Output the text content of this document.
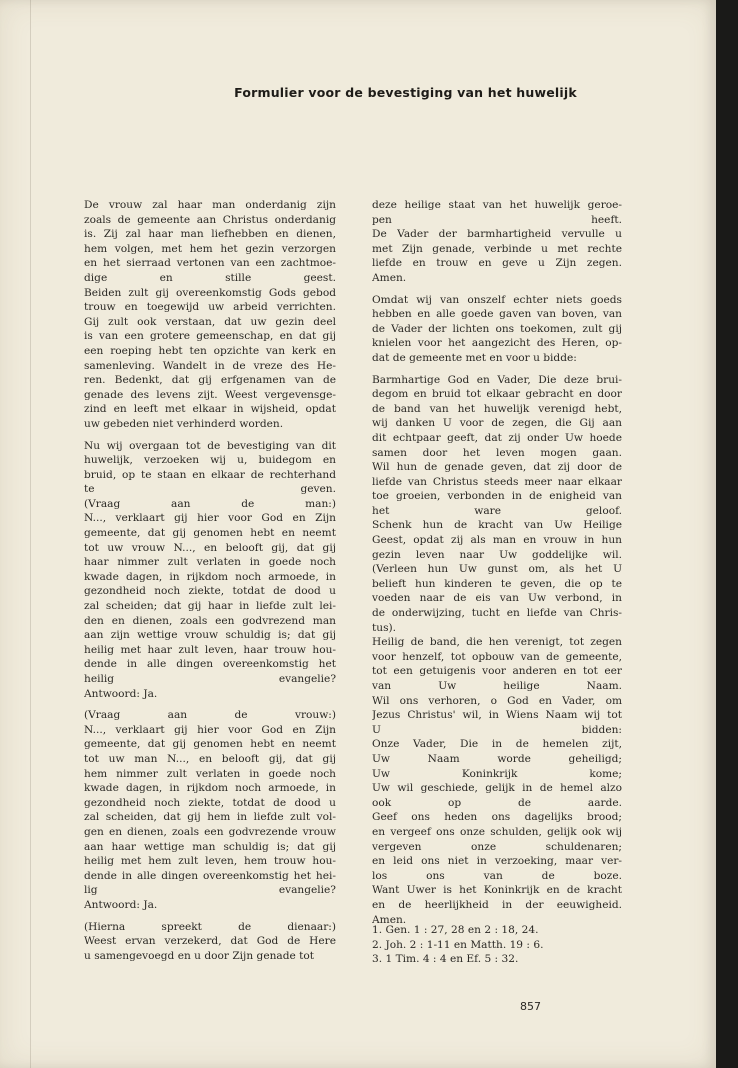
Formulier voor de bevestiging van het huwelijk
De vrouw zal haar man onderdanig zijn
zoals de gemeente aan Christus onderdanig
is. Zij zal haar man liefhebben en dienen,
hem volgen, met hem het gezin verzorgen
en het sierraad vertonen van een zachtmoe-
dige en stille geest.
Beiden zult gij overeenkomstig Gods gebod
trouw en toegewijd uw arbeid verrichten.
Gij zult ook verstaan, dat uw gezin deel
is van een grotere gemeenschap, en dat gij
een roeping hebt ten opzichte van kerk en
samenleving. Wandelt in de vreze des He-
ren. Bedenkt, dat gij erfgenamen van de
genade des levens zijt. Weest vergevensge-
zind en leeft met elkaar in wijsheid, opdat
uw gebeden niet verhinderd worden.
Nu wij overgaan tot de bevestiging van dit
huwelijk, verzoeken wij u, buidegom en
bruid, op te staan en elkaar de rechterhand
te geven.
(Vraag aan de man:)
N..., verklaart gij hier voor God en Zijn
gemeente, dat gij genomen hebt en neemt
tot uw vrouw N..., en belooft gij, dat gij
haar nimmer zult verlaten in goede noch
kwade dagen, in rijkdom noch armoede, in
gezondheid noch ziekte, totdat de dood u
zal scheiden; dat gij haar in liefde zult lei-
den en dienen, zoals een godvrezend man
aan zijn wettige vrouw schuldig is; dat gij
heilig met haar zult leven, haar trouw hou-
dende in alle dingen overeenkomstig het
heilig evangelie?
Antwoord: Ja.
(Vraag aan de vrouw:)
N..., verklaart gij hier voor God en Zijn
gemeente, dat gij genomen hebt en neemt
tot uw man N..., en belooft gij, dat gij
hem nimmer zult verlaten in goede noch
kwade dagen, in rijkdom noch armoede, in
gezondheid noch ziekte, totdat de dood u
zal scheiden, dat gij hem in liefde zult vol-
gen en dienen, zoals een godvrezende vrouw
aan haar wettige man schuldig is; dat gij
heilig met hem zult leven, hem trouw hou-
dende in alle dingen overeenkomstig het hei-
lig evangelie?
Antwoord: Ja.
(Hierna spreekt de dienaar:)
Weest ervan verzekerd, dat God de Here
u samengevoegd en u door Zijn genade tot
deze heilige staat van het huwelijk geroe-
pen heeft.
De Vader der barmhartigheid vervulle u
met Zijn genade, verbinde u met rechte
liefde en trouw en geve u Zijn zegen.
Amen.
Omdat wij van onszelf echter niets goeds
hebben en alle goede gaven van boven, van
de Vader der lichten ons toekomen, zult gij
knielen voor het aangezicht des Heren, op-
dat de gemeente met en voor u bidde:
Barmhartige God en Vader, Die deze brui-
degom en bruid tot elkaar gebracht en door
de band van het huwelijk verenigd hebt,
wij danken U voor de zegen, die Gij aan
dit echtpaar geeft, dat zij onder Uw hoede
samen door het leven mogen gaan.
Wil hun de genade geven, dat zij door de
liefde van Christus steeds meer naar elkaar
toe groeien, verbonden in de enigheid van
het ware geloof.
Schenk hun de kracht van Uw Heilige
Geest, opdat zij als man en vrouw in hun
gezin leven naar Uw goddelijke wil.
(Verleen hun Uw gunst om, als het U
belieft hun kinderen te geven, die op te
voeden naar de eis van Uw verbond, in
de onderwijzing, tucht en liefde van Chris-
tus).
Heilig de band, die hen verenigt, tot zegen
voor henzelf, tot opbouw van de gemeente,
tot een getuigenis voor anderen en tot eer
van Uw heilige Naam.
Wil ons verhoren, o God en Vader, om
Jezus Christus' wil, in Wiens Naam wij tot
U bidden:
Onze Vader, Die in de hemelen zijt,
Uw Naam worde geheiligd;
Uw Koninkrijk kome;
Uw wil geschiede, gelijk in de hemel alzo
ook op de aarde.
Geef ons heden ons dagelijks brood;
en vergeef ons onze schulden, gelijk ook wij
vergeven onze schuldenaren;
en leid ons niet in verzoeking, maar ver-
los ons van de boze.
Want Uwer is het Koninkrijk en de kracht
en de heerlijkheid in der eeuwigheid.
Amen.
1. Gen. 1 : 27, 28 en 2 : 18, 24.
2. Joh. 2 : 1-11 en Matth. 19 : 6.
3. 1 Tim. 4 : 4 en Ef. 5 : 32.
857
